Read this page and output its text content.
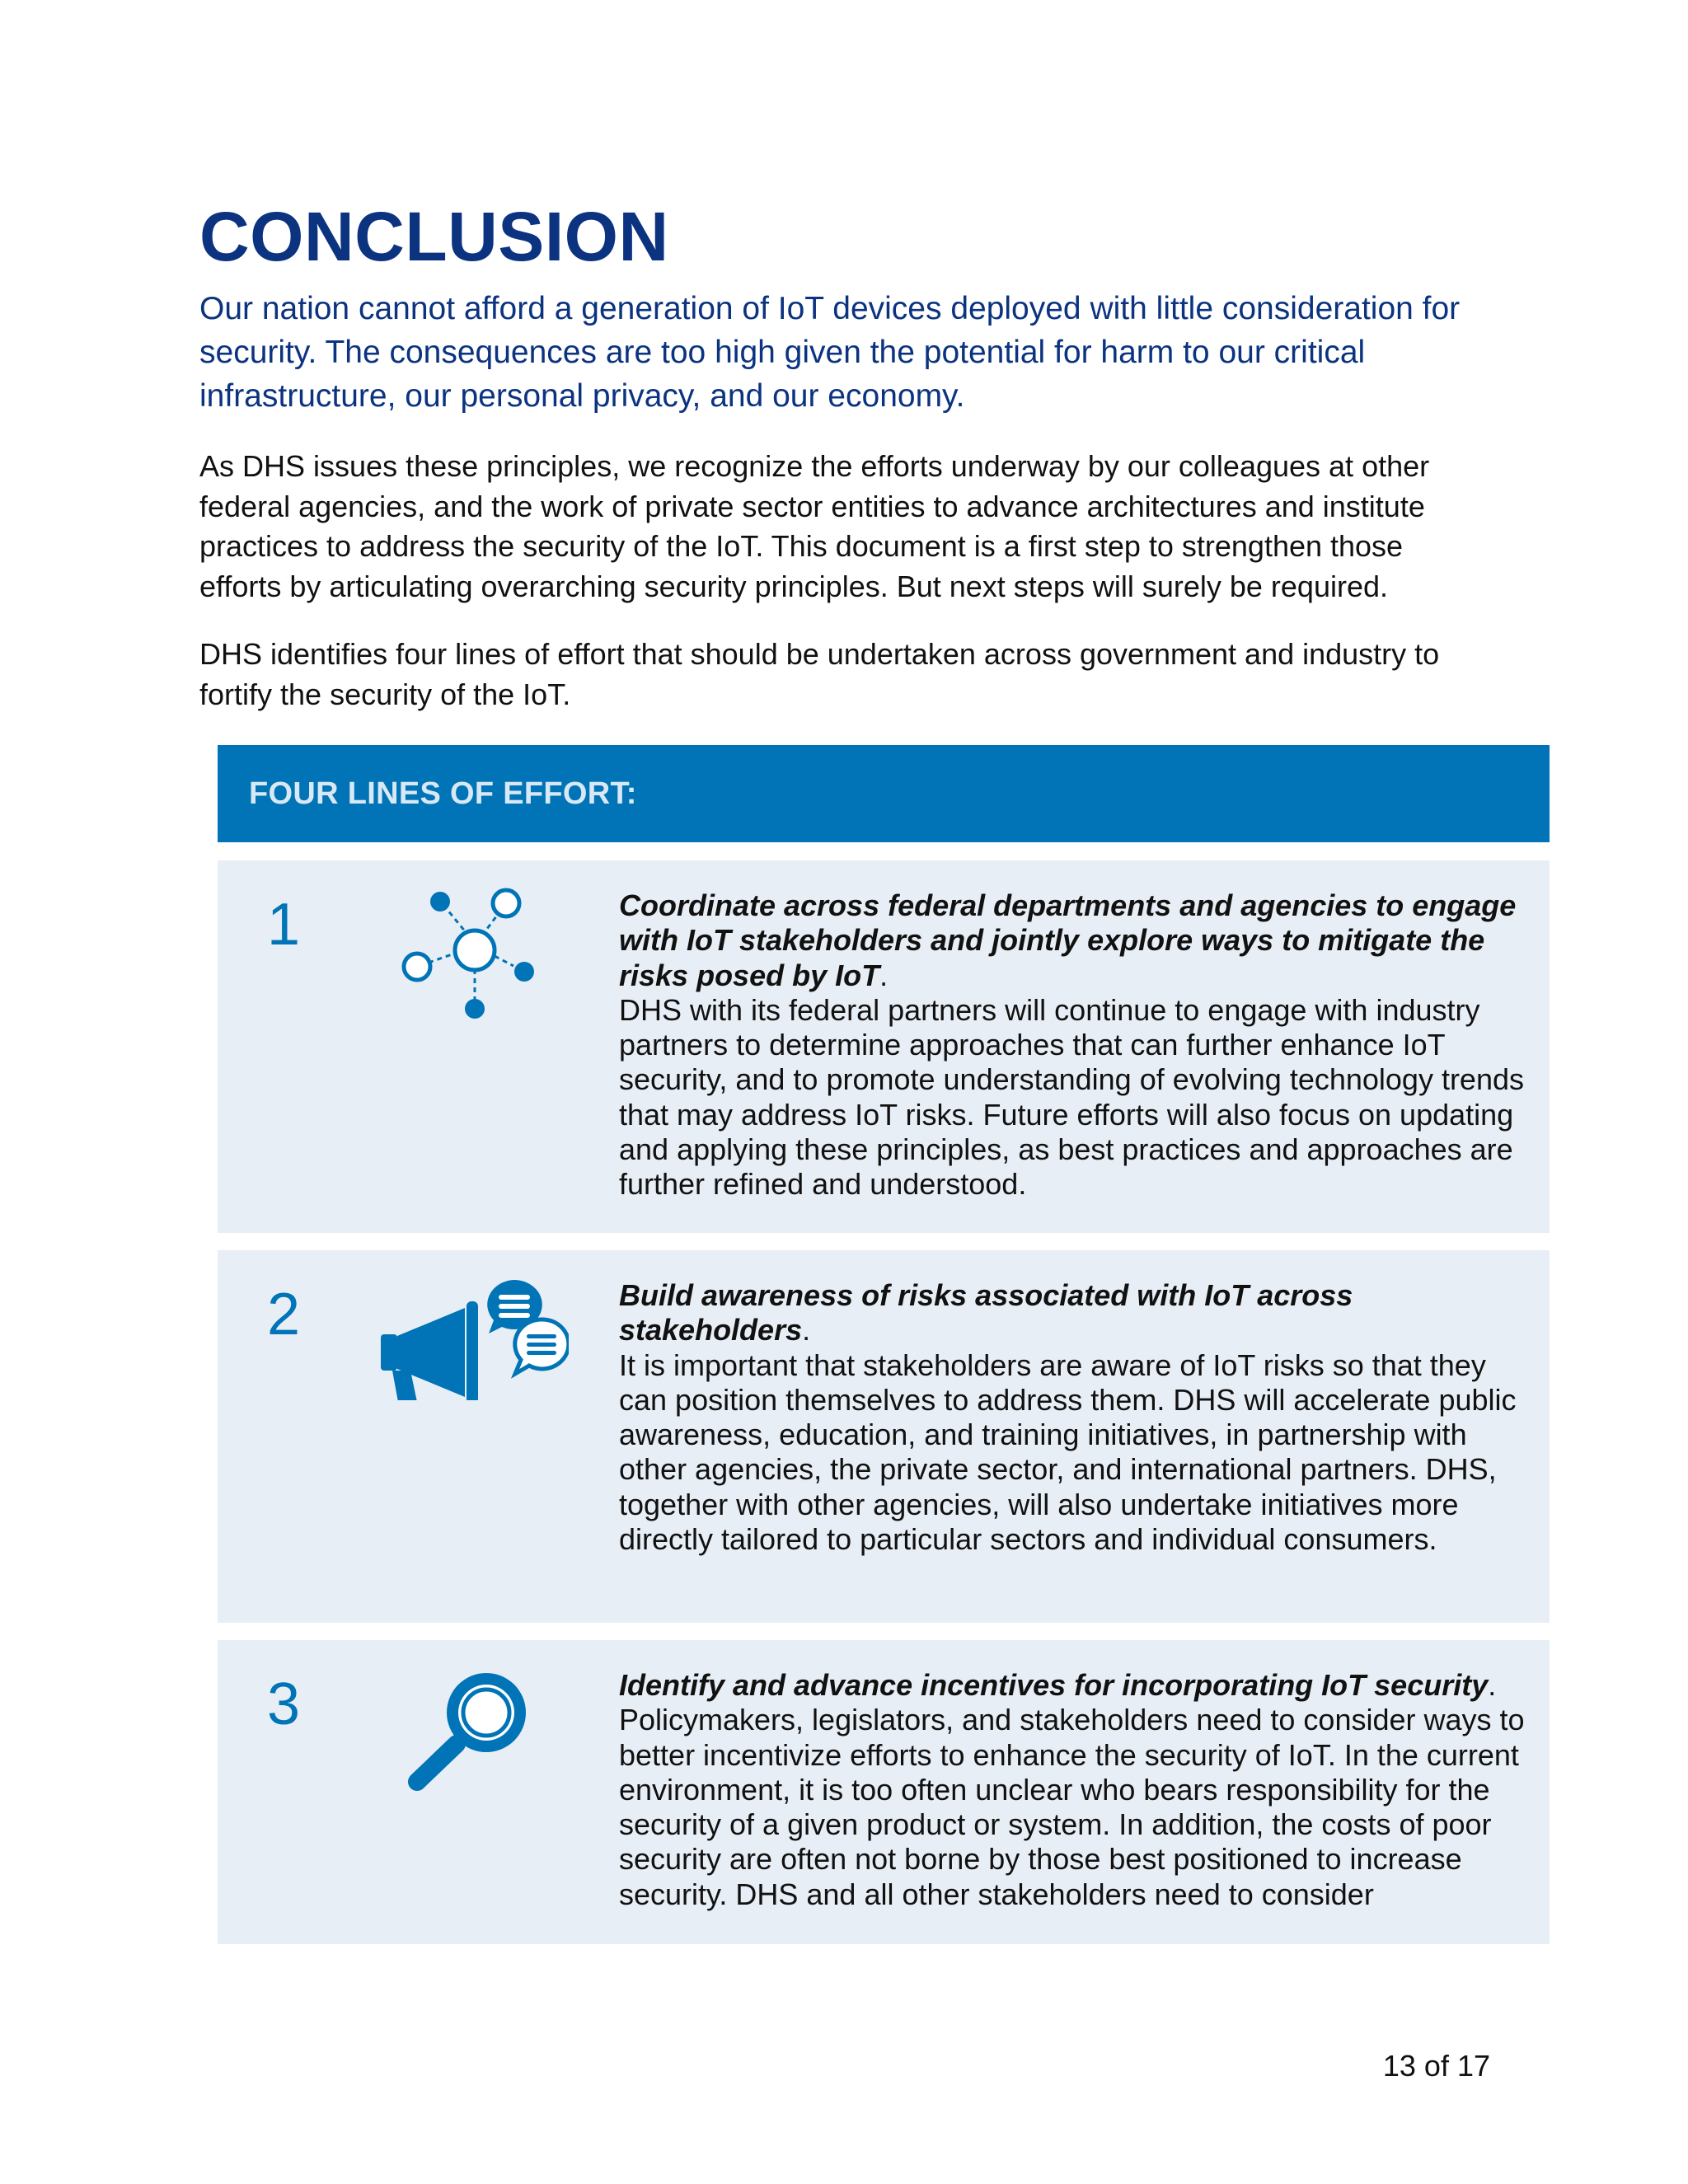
CONCLUSION

Our nation cannot afford a generation of IoT devices deployed with little consideration for security. The consequences are too high given the potential for harm to our critical infrastructure, our personal privacy, and our economy.

As DHS issues these principles, we recognize the efforts underway by our colleagues at other federal agencies, and the work of private sector entities to advance architectures and institute practices to address the security of the IoT. This document is a first step to strengthen those efforts by articulating overarching security principles. But next steps will surely be required.

DHS identifies four lines of effort that should be undertaken across government and industry to fortify the security of the IoT.

FOUR LINES OF EFFORT:
1	Coordinate across federal departments and agencies to engage with IoT stakeholders and jointly explore ways to mitigate the risks posed by IoT.
DHS with its federal partners will continue to engage with industry partners to determine approaches that can further enhance IoT security, and to promote understanding of evolving technology trends that may address IoT risks. Future efforts will also focus on updating and applying these principles, as best practices and approaches are further refined and understood.

2	Build awareness of risks associated with IoT across stakeholders.
It is important that stakeholders are aware of IoT risks so that they can position themselves to address them. DHS will accelerate public awareness, education, and training initiatives, in partnership with other agencies, the private sector, and international partners. DHS, together with other agencies, will also undertake initiatives more directly tailored to particular sectors and individual consumers.

3	Identify and advance incentives for incorporating IoT security.
Policymakers, legislators, and stakeholders need to consider ways to better incentivize efforts to enhance the security of IoT. In the current environment, it is too often unclear who bears responsibility for the security of a given product or system. In addition, the costs of poor security are often not borne by those best positioned to increase security. DHS and all other stakeholders need to consider

13 of 17
